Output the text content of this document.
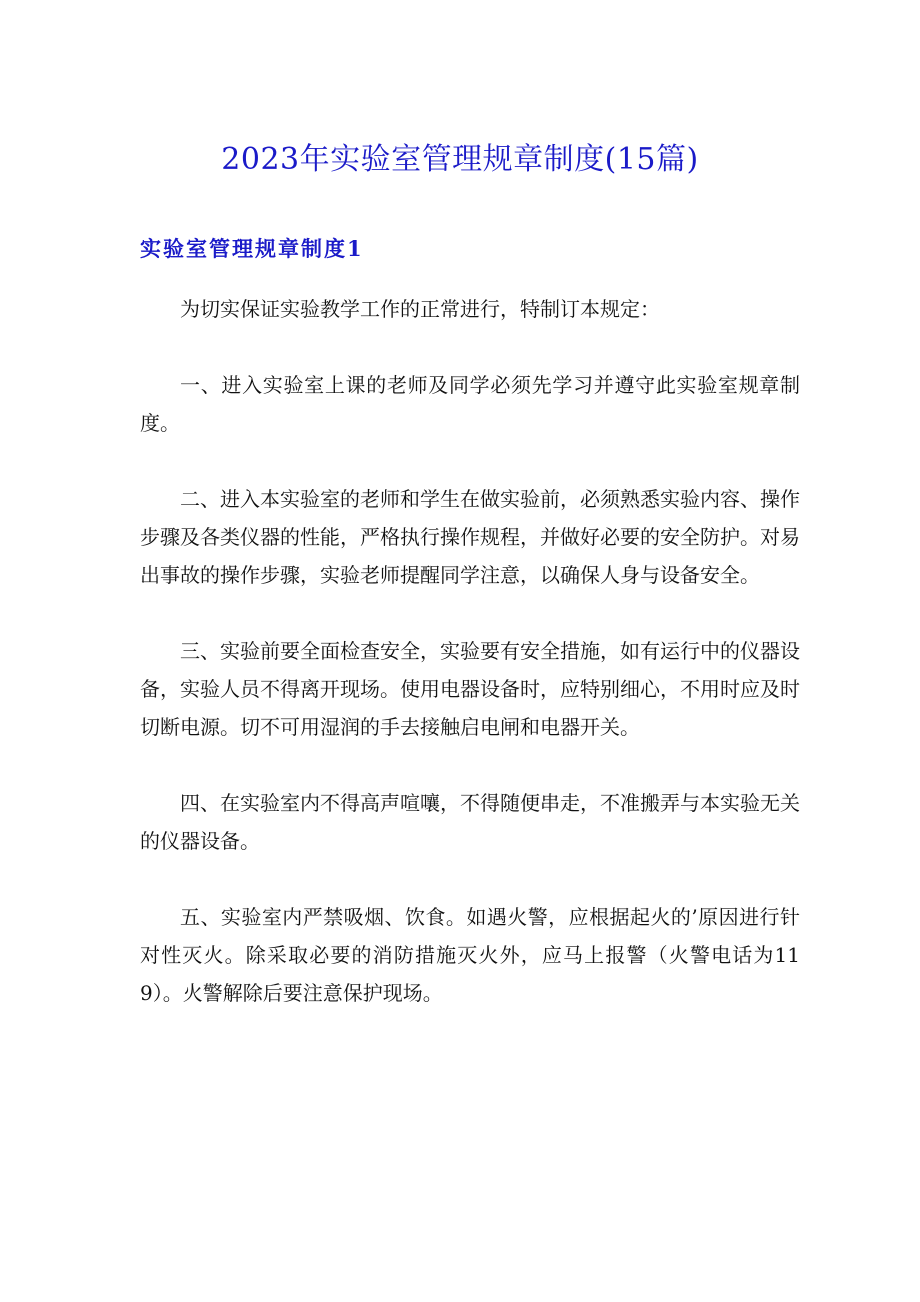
2023年实验室管理规章制度(15篇)
实验室管理规章制度1

为切实保证实验教学工作的正常进行，特制订本规定：

一、进入实验室上课的老师及同学必须先学习并遵守此实验室规章制度。

二、进入本实验室的老师和学生在做实验前，必须熟悉实验内容、操作步骤及各类仪器的性能，严格执行操作规程，并做好必要的安全防护。对易出事故的操作步骤，实验老师提醒同学注意，以确保人身与设备安全。

三、实验前要全面检查安全，实验要有安全措施，如有运行中的仪器设备，实验人员不得离开现场。使用电器设备时，应特别细心，不用时应及时切断电源。切不可用湿润的手去接触启电闸和电器开关。

四、在实验室内不得高声喧嚷，不得随便串走，不准搬弄与本实验无关的仪器设备。

五、实验室内严禁吸烟、饮食。如遇火警，应根据起火的’原因进行针对性灭火。除采取必要的消防措施灭火外，应马上报警（火警电话为119）。火警解除后要注意保护现场。
